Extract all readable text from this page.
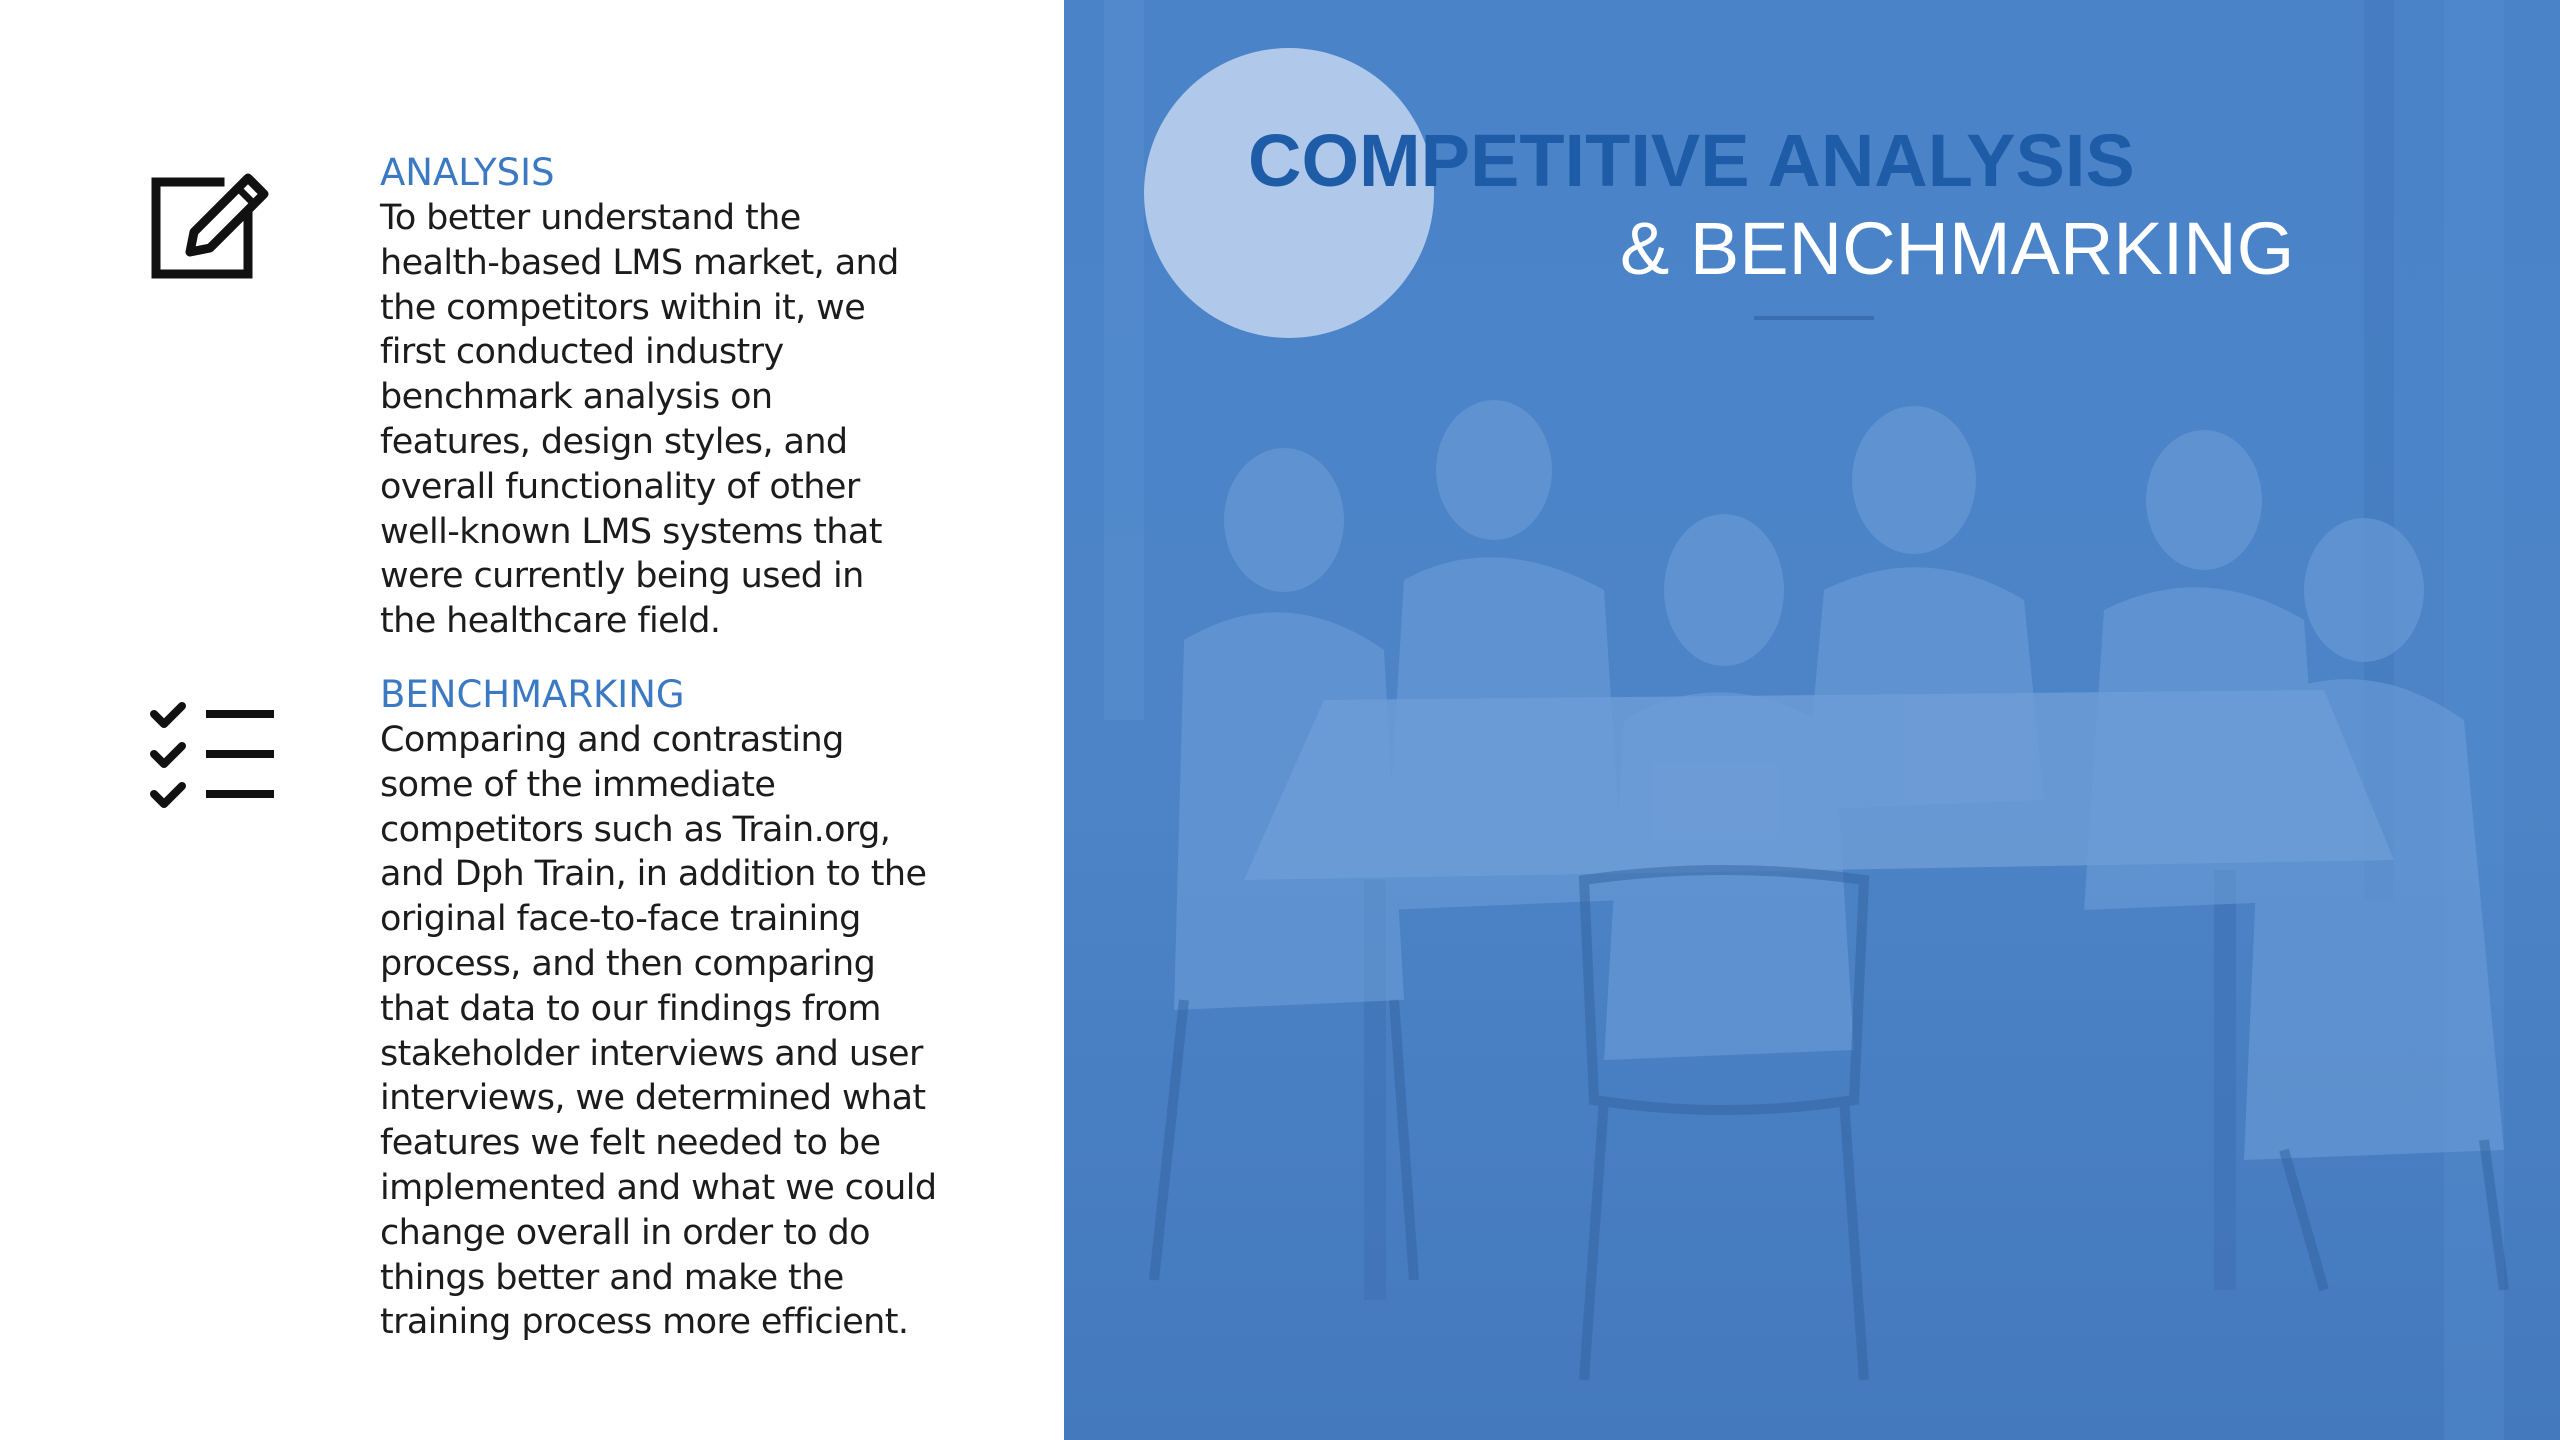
ANALYSIS

To better understand the
health-based LMS market, and
the competitors within it, we
first conducted industry
benchmark analysis on
features, design styles, and
overall functionality of other
well-known LMS systems that
were currently being used in
the healthcare field.

BENCHMARKING

Comparing and contrasting
some of the immediate
competitors such as Train.org,
and Dph Train, in addition to the
original face-to-face training
process, and then comparing
that data to our findings from
stakeholder interviews and user
interviews, we determined what
features we felt needed to be
implemented and what we could
change overall in order to do
things better and make the
training process more efficient.

COMPETITIVE ANALYSIS
& BENCHMARKING
